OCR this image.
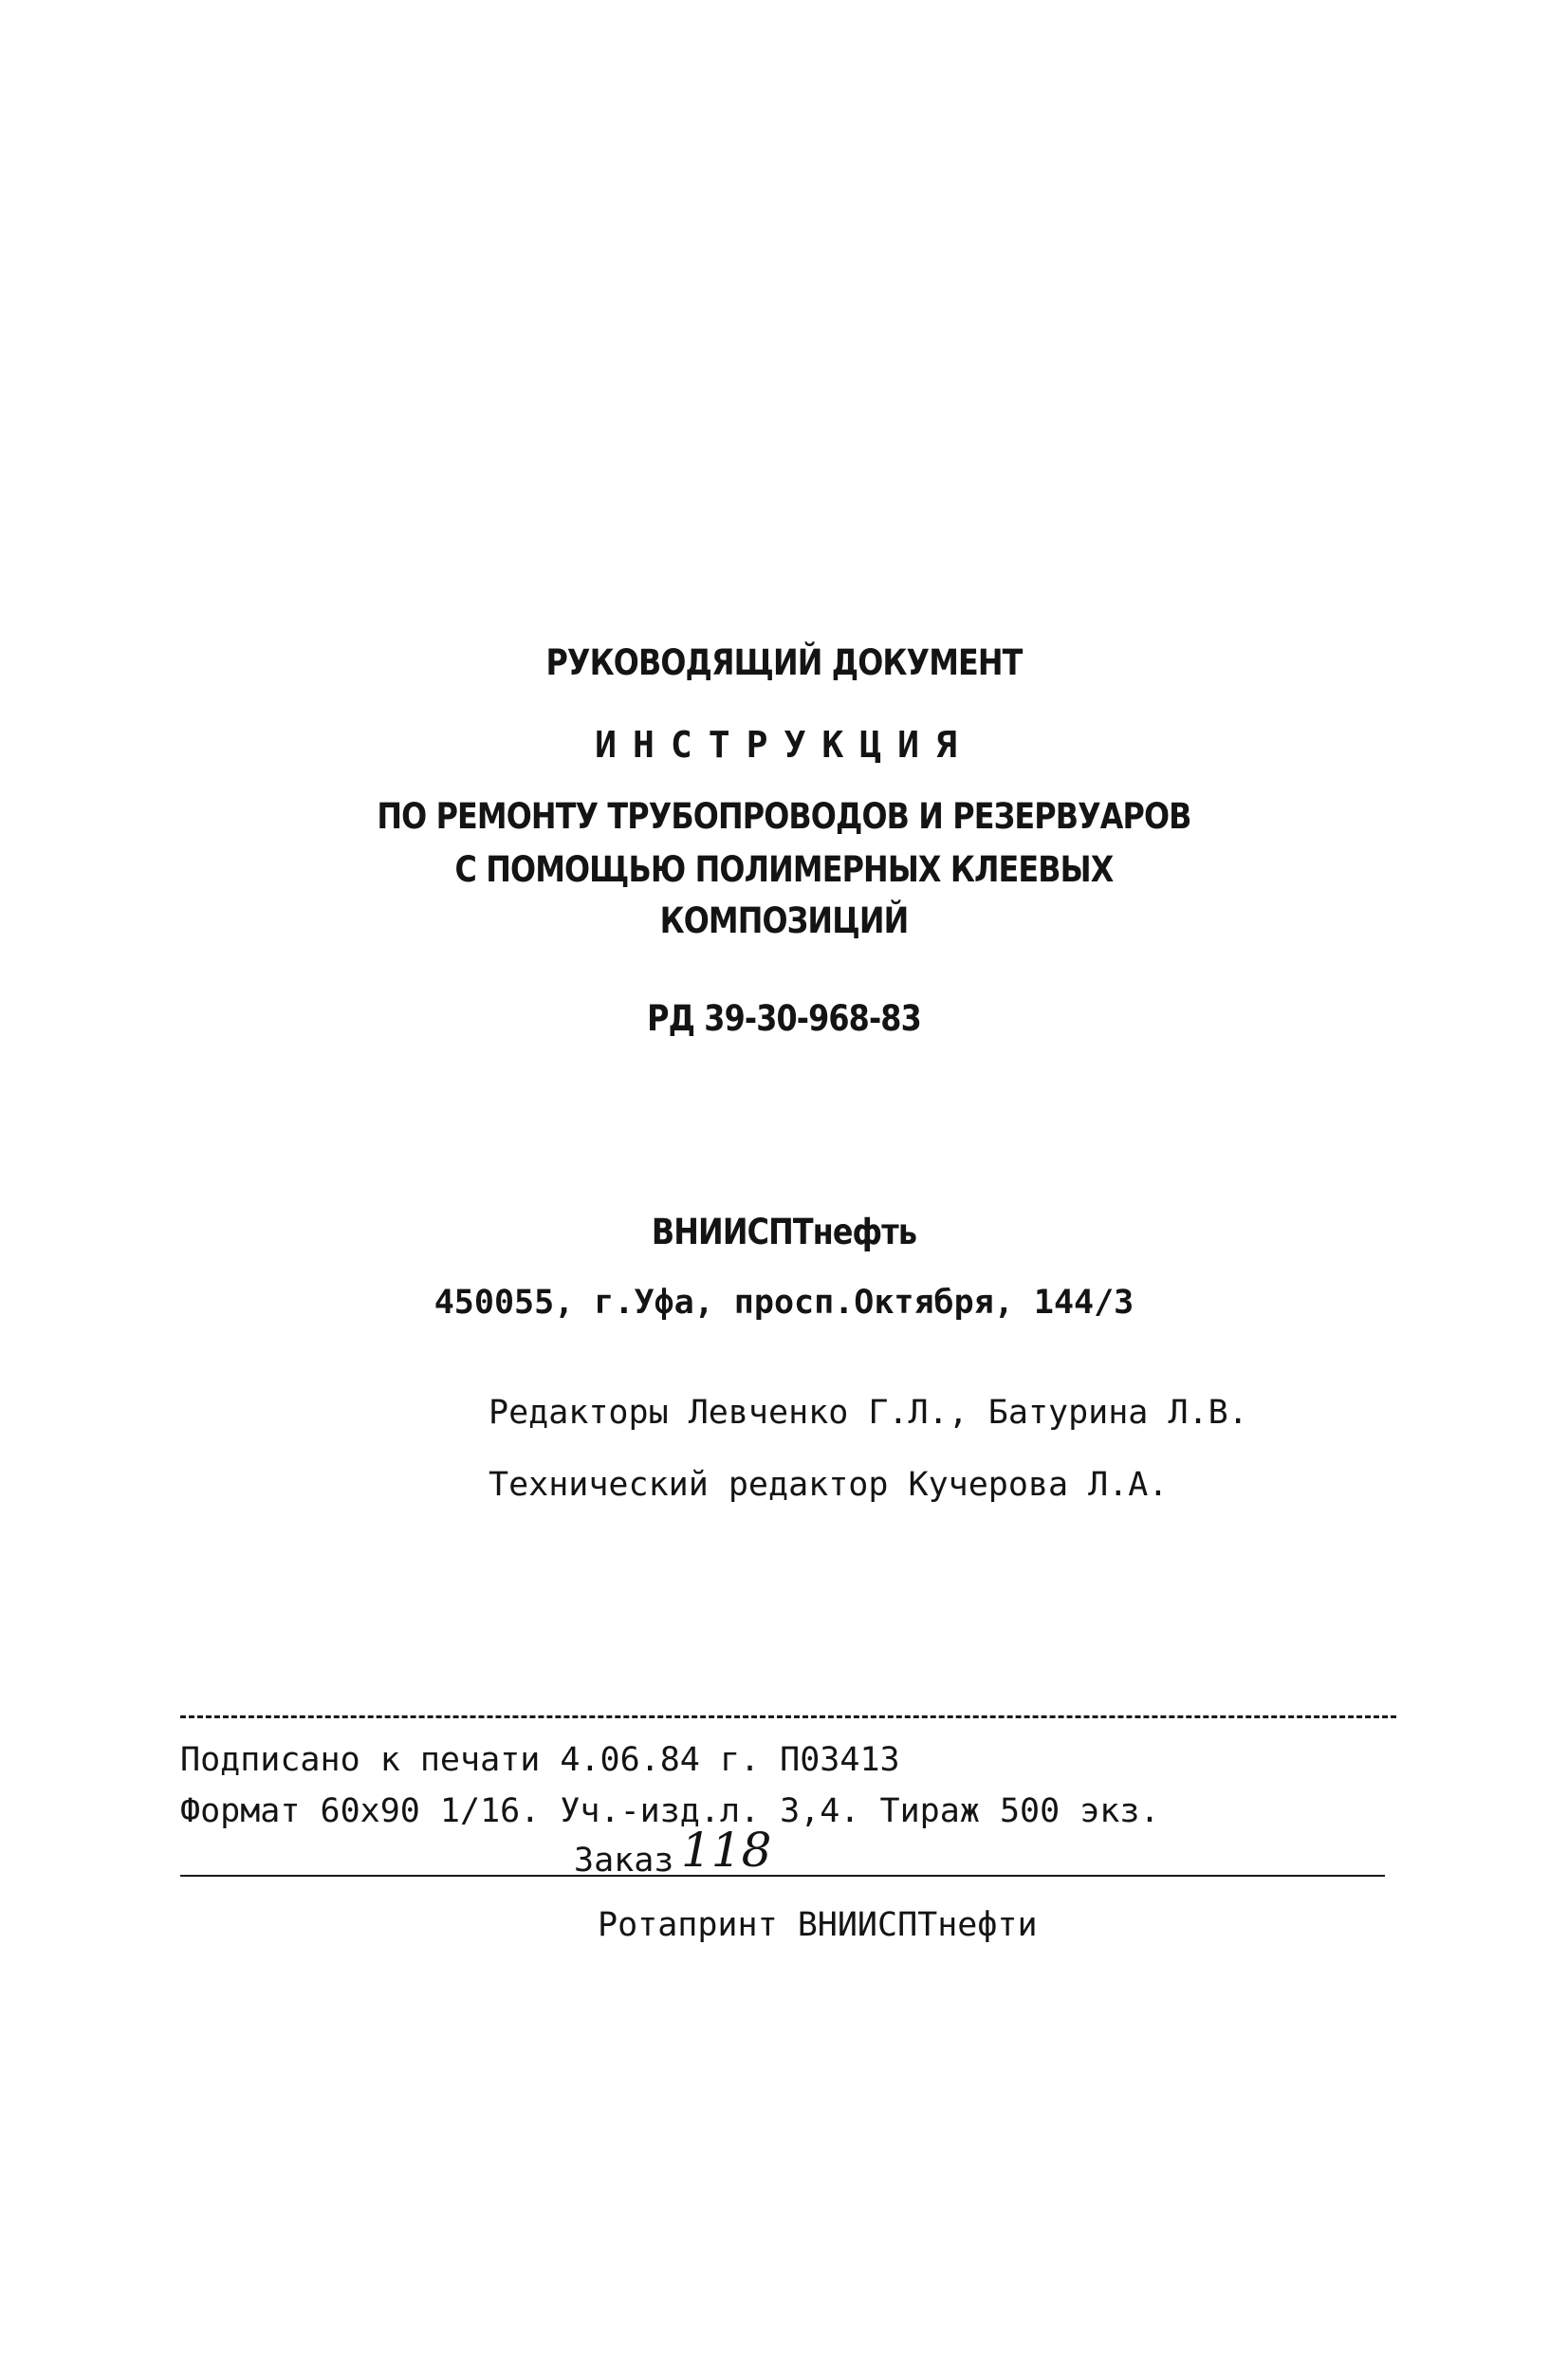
РУКОВОДЯЩИЙ ДОКУМЕНТ
ИНСТРУКЦИЯ
ПО РЕМОНТУ ТРУБОПРОВОДОВ И РЕЗЕРВУАРОВ
С ПОМОЩЬЮ ПОЛИМЕРНЫХ КЛЕЕВЫХ
КОМПОЗИЦИЙ
РД 39-30-968-83
ВНИИСПТнефть
450055, г.Уфа, просп.Октября, 144/3
Редакторы Левченко Г.Л., Батурина Л.В.
Технический редактор Кучерова Л.А.
Подписано к печати 4.06.84 г. П03413
Формат 60х90 1/16. Уч.-изд.л. 3,4. Тираж 500 экз.
Заказ 118
Ротапринт ВНИИСПТнефти
